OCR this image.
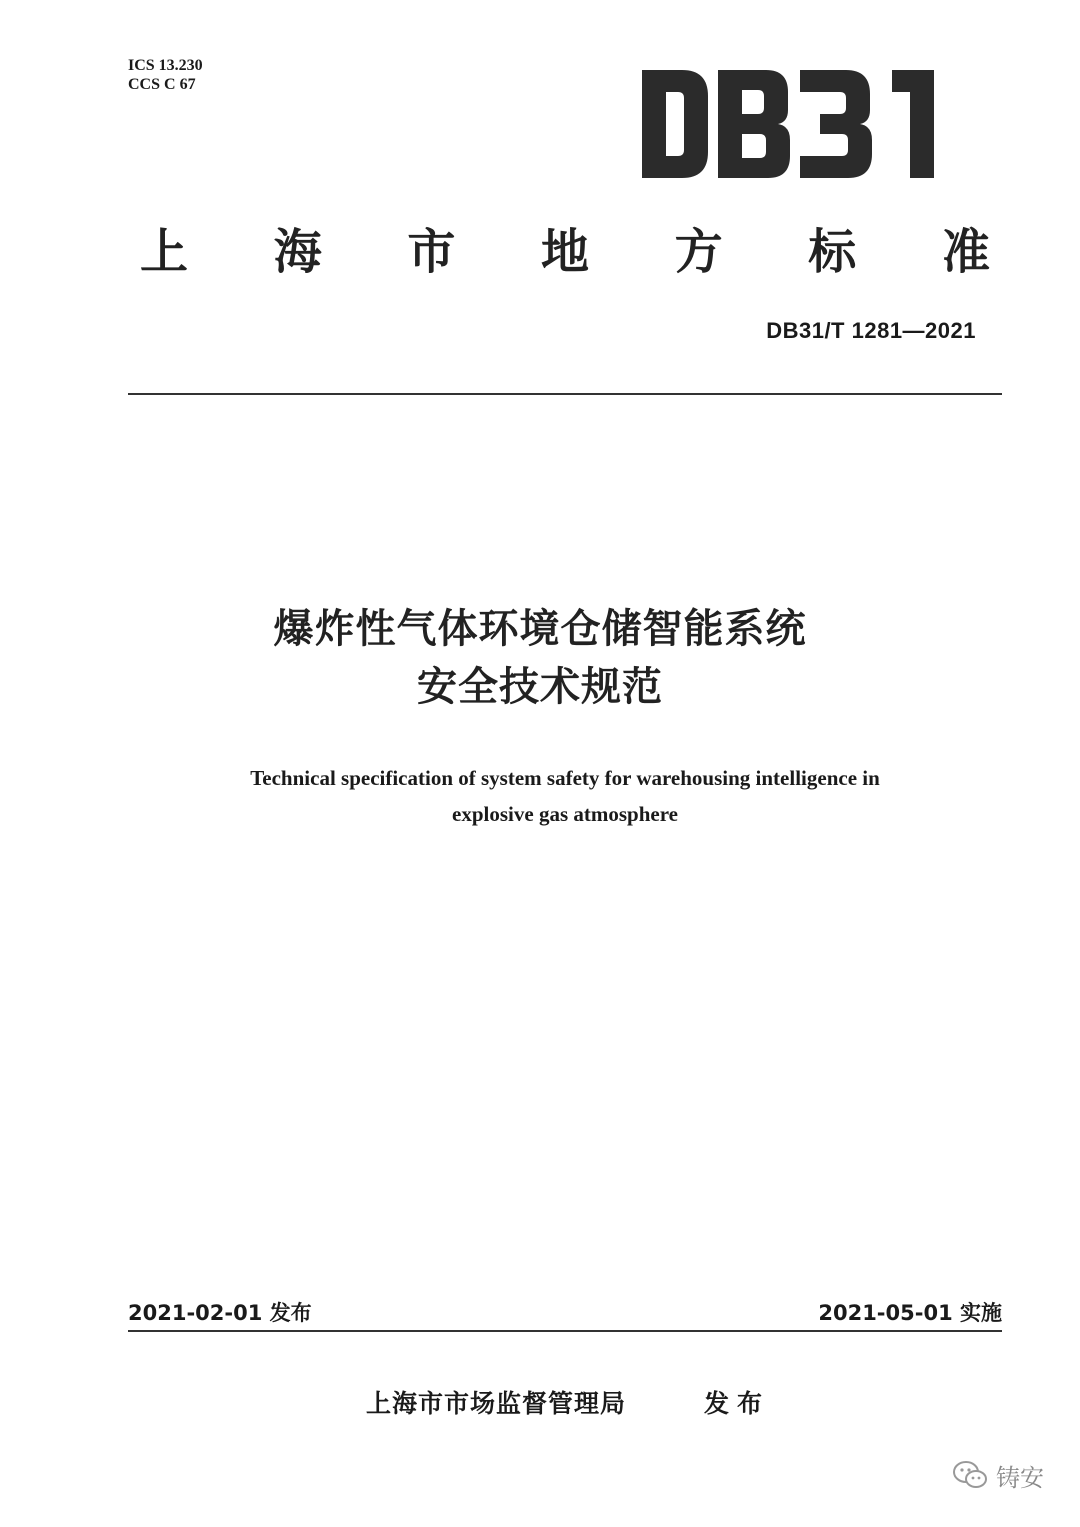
ICS 13.230
CCS C 67
上 海 市 地 方 标 准
DB31/T 1281—2021
爆炸性气体环境仓储智能系统
安全技术规范
Technical specification of system safety for warehousing intelligence in
explosive gas atmosphere
2021-02-01 发布	2021-05-01 实施
上海市市场监督管理局	发布
铸安
